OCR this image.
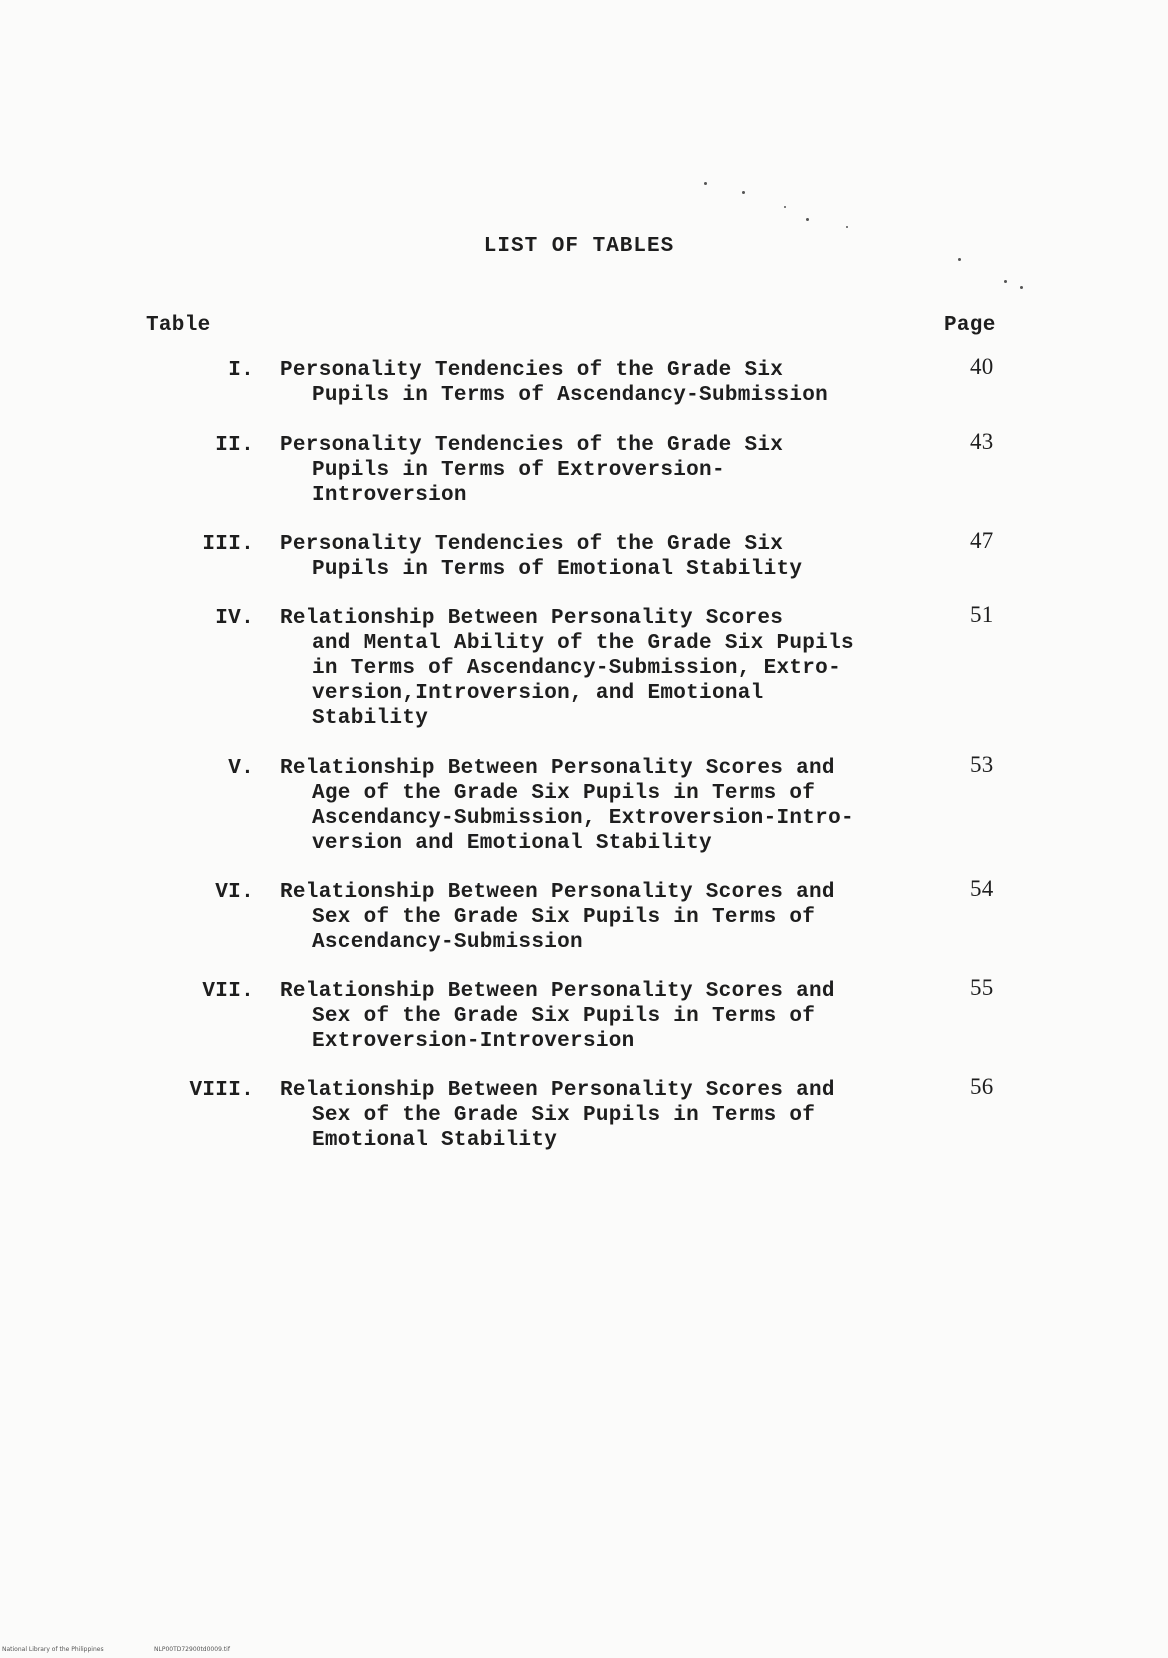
LIST OF TABLES
Table	Page
I. Personality Tendencies of the Grade Six
Pupils in Terms of Ascendancy-Submission
40
II. Personality Tendencies of the Grade Six
Pupils in Terms of Extroversion-
Introversion
43
III. Personality Tendencies of the Grade Six
Pupils in Terms of Emotional Stability
47
IV. Relationship Between Personality Scores
and Mental Ability of the Grade Six Pupils
in Terms of Ascendancy-Submission, Extro-
version,Introversion, and Emotional
Stability
51
V. Relationship Between Personality Scores and
Age of the Grade Six Pupils in Terms of
Ascendancy-Submission, Extroversion-Intro-
version and Emotional Stability
53
VI. Relationship Between Personality Scores and
Sex of the Grade Six Pupils in Terms of
Ascendancy-Submission
54
VII. Relationship Between Personality Scores and
Sex of the Grade Six Pupils in Terms of
Extroversion-Introversion
55
VIII. Relationship Between Personality Scores and
Sex of the Grade Six Pupils in Terms of
Emotional Stability
56
National Library of the Philippines	NLP00TD72900td0009.tif
